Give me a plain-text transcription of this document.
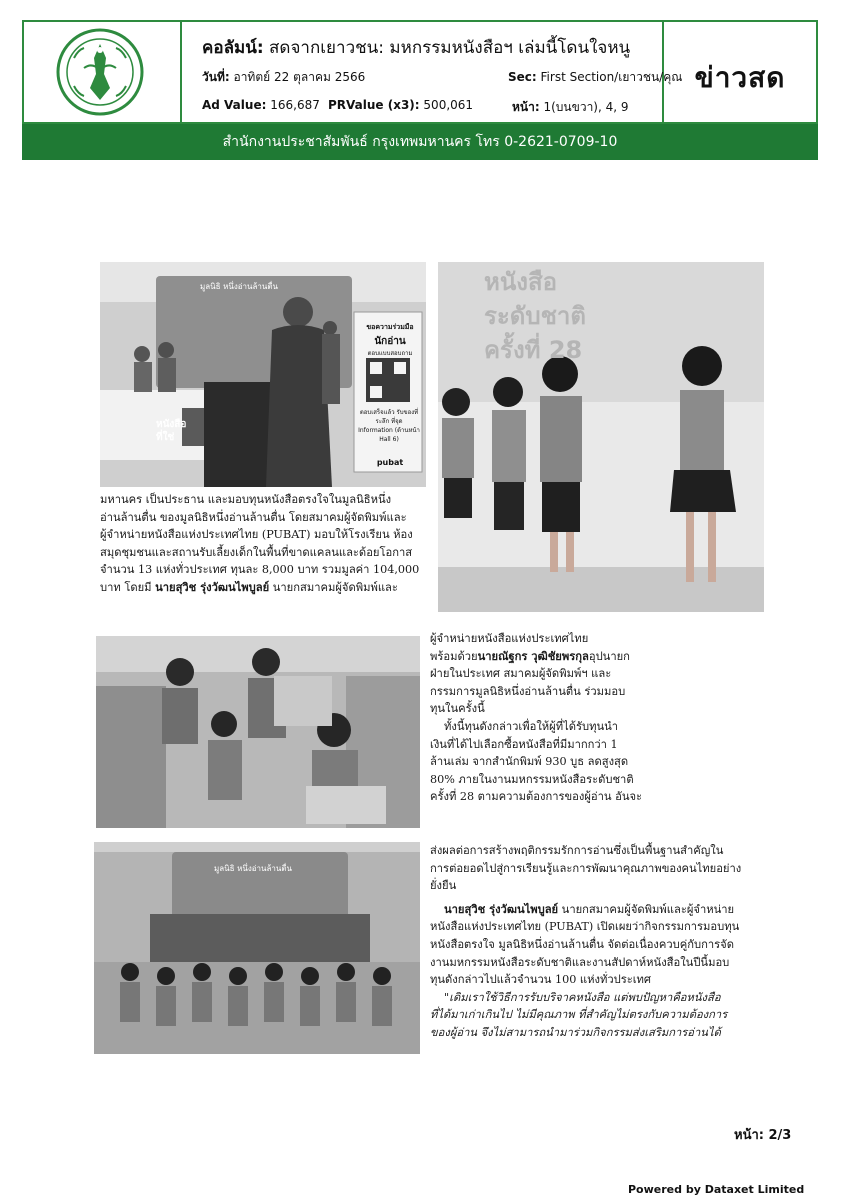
คอลัมน์: สดจากเยาวชน: มหกรรมหนังสือฯ เล่มนี้โดนใจหนู
วันที่: อาทิตย์ 22 ตุลาคม 2566	Sec: First Section/เยาวชน/คุณ
Ad Value: 166,687 PRValue (x3): 500,061	หน้า: 1(บนขวา), 4, 9
ข่าวสด
สำนักงานประชาสัมพันธ์ กรุงเทพมหานคร โทร 0-2621-0709-10
มูลนิธิ หนึ่งอ่านล้านตื่น
ขอความร่วมมือ
นักอ่าน
ตอบแบบสอบถาม
ตอบเสร็จแล้ว รับของที่ระลึก ที่จุด Information (ด้านหน้า Hall 6)
pubat
หนังสือ ที่ใช่
หนังสือ
ระดับชาติ
ครั้งที่ 28
มูลนิธิ หนึ่งอ่านล้านตื่น

มหานคร เป็นประธาน และมอบทุนหนังสือตรงใจในมูลนิธิหนึ่ง

อ่านล้านตื่น ของมูลนิธิหนึ่งอ่านล้านตื่น โดยสมาคมผู้จัดพิมพ์และ

ผู้จำหน่ายหนังสือแห่งประเทศไทย (PUBAT) มอบให้โรงเรียน ห้อง

สมุดชุมชนและสถานรับเลี้ยงเด็กในพื้นที่ขาดแคลนและด้อยโอกาส

จำนวน 13 แห่งทั่วประเทศ ทุนละ 8,000 บาท รวมมูลค่า 104,000

บาท โดยมี นายสุวิช รุ่งวัฒนไพบูลย์ นายกสมาคมผู้จัดพิมพ์และ

ผู้จำหน่ายหนังสือแห่งประเทศไทย

พร้อมด้วยนายณัฐกร วุฒิชัยพรกุลอุปนายก

ฝ่ายในประเทศ สมาคมผู้จัดพิมพ์ฯ และ

กรรมการมูลนิธิหนึ่งอ่านล้านตื่น ร่วมมอบ

ทุนในครั้งนี้

ทั้งนี้ทุนดังกล่าวเพื่อให้ผู้ที่ได้รับทุนนำ

เงินที่ได้ไปเลือกซื้อหนังสือที่มีมากกว่า 1

ล้านเล่ม จากสำนักพิมพ์ 930 บูธ ลดสูงสุด

80% ภายในงานมหกรรมหนังสือระดับชาติ

ครั้งที่ 28 ตามความต้องการของผู้อ่าน อันจะ

ส่งผลต่อการสร้างพฤติกรรมรักการอ่านซึ่งเป็นพื้นฐานสำคัญใน

การต่อยอดไปสู่การเรียนรู้และการพัฒนาคุณภาพของคนไทยอย่าง

ยั่งยืน

นายสุวิช รุ่งวัฒนไพบูลย์ นายกสมาคมผู้จัดพิมพ์และผู้จำหน่าย

หนังสือแห่งประเทศไทย (PUBAT) เปิดเผยว่ากิจกรรมการมอบทุน

หนังสือตรงใจ มูลนิธิหนึ่งอ่านล้านตื่น จัดต่อเนื่องควบคู่กับการจัด

งานมหกรรมหนังสือระดับชาติและงานสัปดาห์หนังสือในปีนี้มอบ

ทุนดังกล่าวไปแล้วจำนวน 100 แห่งทั่วประเทศ

"เดิมเราใช้วิธีการรับบริจาคหนังสือ แต่พบปัญหาคือหนังสือ

ที่ได้มาเก่าเกินไป ไม่มีคุณภาพ ที่สำคัญไม่ตรงกับความต้องการ

ของผู้อ่าน จึงไม่สามารถนำมาร่วมกิจกรรมส่งเสริมการอ่านได้

หน้า: 2/3
Powered by Dataxet Limited
